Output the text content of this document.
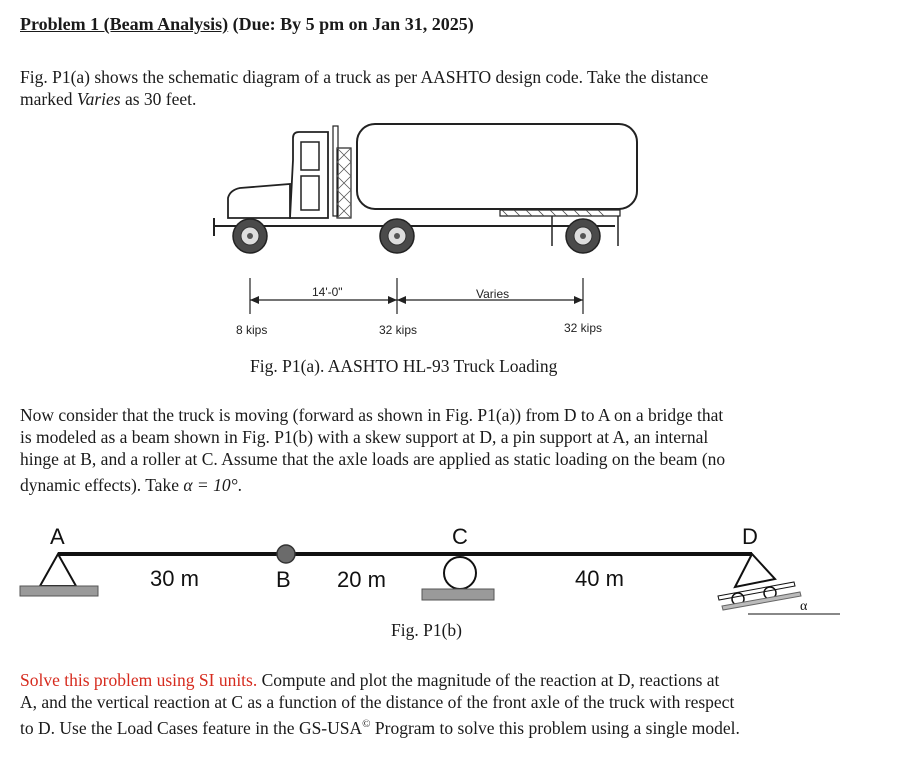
Problem 1 (Beam Analysis) (Due: By 5 pm on Jan 31, 2025)
Fig. P1(a) shows the schematic diagram of a truck as per AASHTO design code. Take the distance
marked Varies as 30 feet.
14'-0"	Varies
8 kips	32 kips	32 kips
Fig. P1(a). AASHTO HL-93 Truck Loading
Now consider that the truck is moving (forward as shown in Fig. P1(a)) from D to A on a bridge that
is modeled as a beam shown in Fig. P1(b) with a skew support at D, a pin support at A, an internal
hinge at B, and a roller at C. Assume that the axle loads are applied as static loading on the beam (no
dynamic effects). Take α = 10°.
A
B
C
α
D
30 m	20 m	40 m
Fig. P1(b)
Solve this problem using SI units. Compute and plot the magnitude of the reaction at D, reactions at
A, and the vertical reaction at C as a function of the distance of the front axle of the truck with respect
to D. Use the Load Cases feature in the GS-USA© Program to solve this problem using a single model.
